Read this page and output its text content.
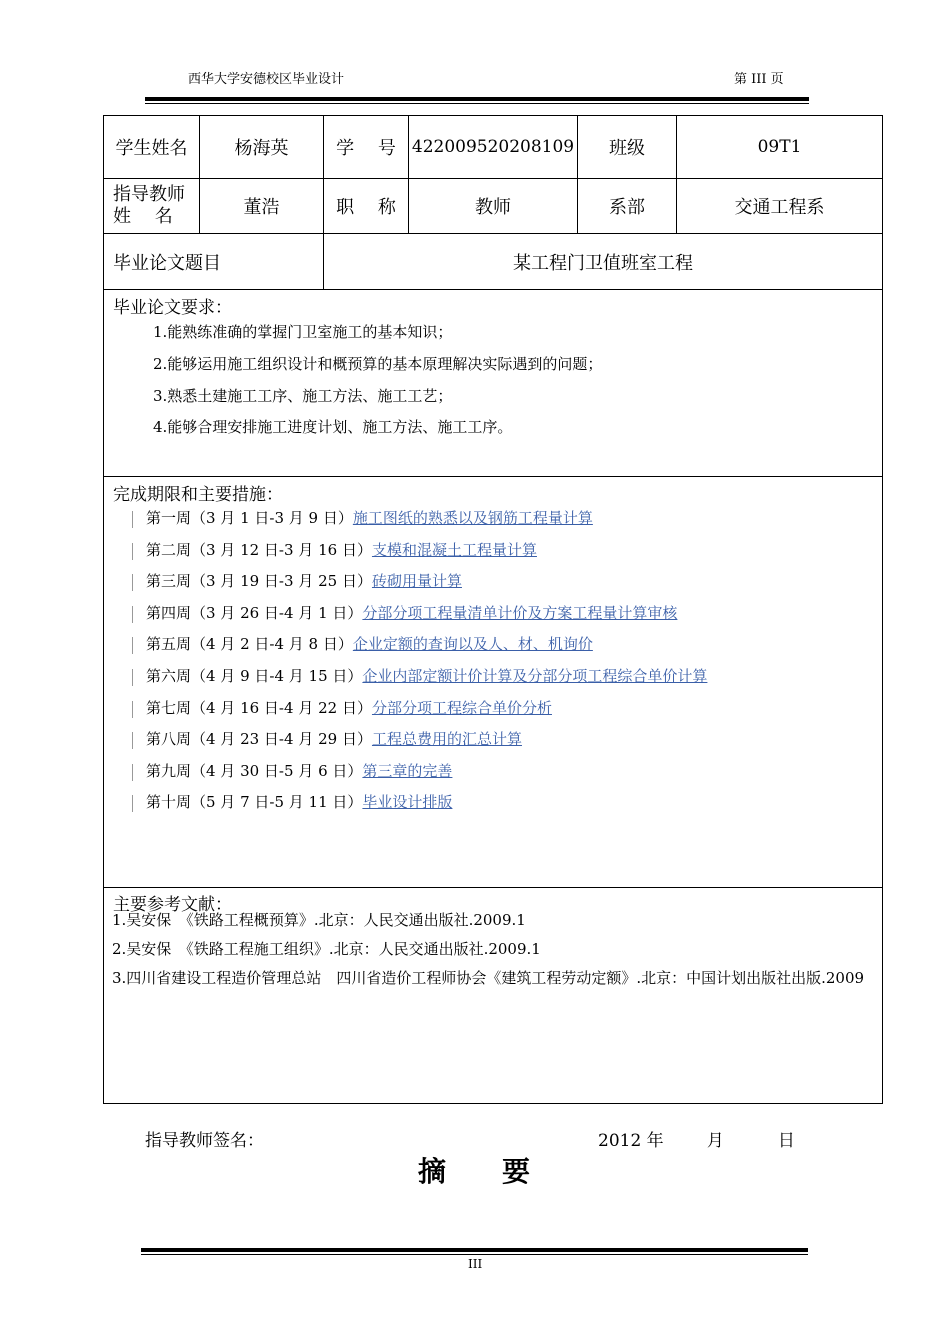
西华大学安德校区毕业设计	第 III 页
学生姓名	杨海英	学　 号 422009520208109	班级	09T1
指导教师
姓　 名	董浩	职　 称	教师	系部	交通工程系
毕业论文题目	某工程门卫值班室工程
毕业论文要求：
1.能熟练准确的掌握门卫室施工的基本知识；
2.能够运用施工组织设计和概预算的基本原理解决实际遇到的问题；
3.熟悉土建施工工序、施工方法、施工工艺；
4.能够合理安排施工进度计划、施工方法、施工工序。
完成期限和主要措施：
第一周（3 月 1 日-3 月 9 日）施工图纸的熟悉以及钢筋工程量计算
第二周（3 月 12 日-3 月 16 日）支模和混凝土工程量计算
第三周（3 月 19 日-3 月 25 日）砖砌用量计算
第四周（3 月 26 日-4 月 1 日）分部分项工程量清单计价及方案工程量计算审核
第五周（4 月 2 日-4 月 8 日）企业定额的查询以及人、材、机询价
第六周（4 月 9 日-4 月 15 日）企业内部定额计价计算及分部分项工程综合单价计算
第七周（4 月 16 日-4 月 22 日）分部分项工程综合单价分析
第八周（4 月 23 日-4 月 29 日）工程总费用的汇总计算
第九周（4 月 30 日-5 月 6 日）第三章的完善
第十周（5 月 7 日-5 月 11 日）毕业设计排版
主要参考文献：
1.吴安保　《铁路工程概预算》.北京：人民交通出版社.2009.1
2.吴安保　《铁路工程施工组织》.北京：人民交通出版社.2009.1
3.四川省建设工程造价管理总站　四川省造价工程师协会《建筑工程劳动定额》.北京：中国计划出版社出版.2009
指导教师签名：	2012 年        月          日
摘要
III
